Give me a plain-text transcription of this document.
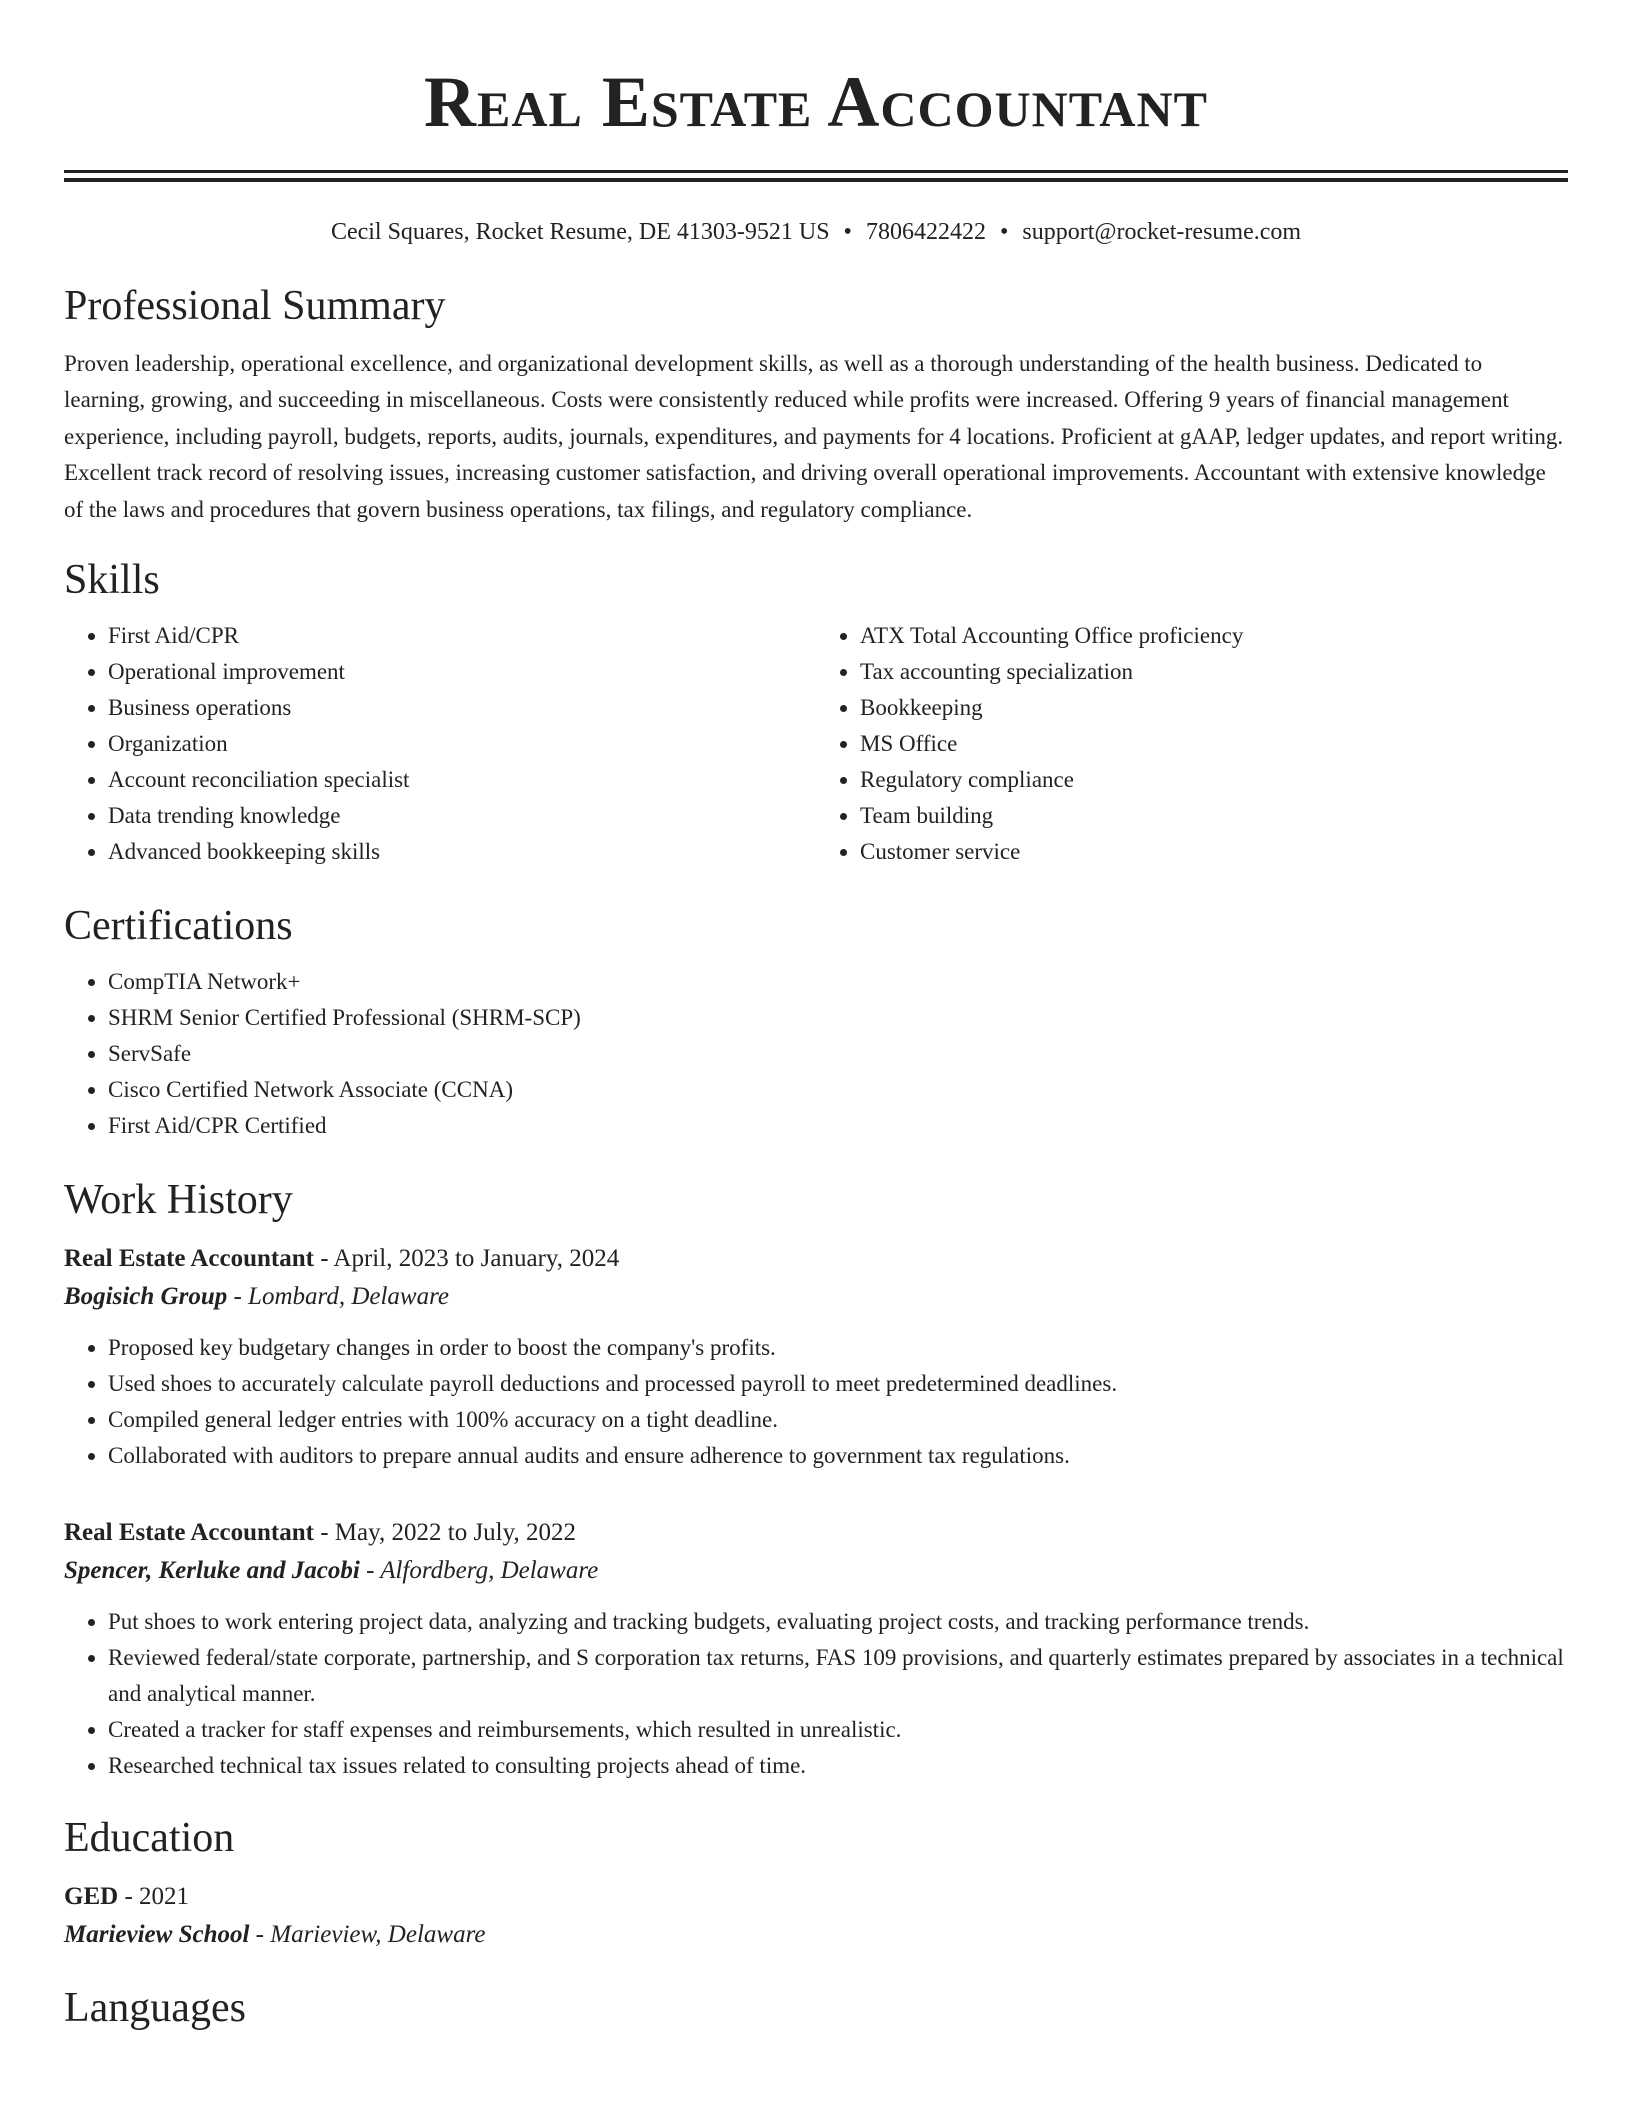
Real Estate Accountant
Cecil Squares, Rocket Resume, DE 41303-9521 US • 7806422422 • support@rocket-resume.com
Professional Summary

Proven leadership, operational excellence, and organizational development skills, as well as a thorough understanding of the health business. Dedicated to learning, growing, and succeeding in miscellaneous. Costs were consistently reduced while profits were increased. Offering 9 years of financial management experience, including payroll, budgets, reports, audits, journals, expenditures, and payments for 4 locations. Proficient at gAAP, ledger updates, and report writing. Excellent track record of resolving issues, increasing customer satisfaction, and driving overall operational improvements. Accountant with extensive knowledge of the laws and procedures that govern business operations, tax filings, and regulatory compliance.

Skills
• First Aid/CPR
• Operational improvement
• Business operations
• Organization
• Account reconciliation specialist
• Data trending knowledge
• Advanced bookkeeping skills
• ATX Total Accounting Office proficiency
• Tax accounting specialization
• Bookkeeping
• MS Office
• Regulatory compliance
• Team building
• Customer service
Certifications
• CompTIA Network+
• SHRM Senior Certified Professional (SHRM-SCP)
• ServSafe
• Cisco Certified Network Associate (CCNA)
• First Aid/CPR Certified
Work History
Real Estate Accountant - April, 2023 to January, 2024
Bogisich Group - Lombard, Delaware
• Proposed key budgetary changes in order to boost the company's profits.
• Used shoes to accurately calculate payroll deductions and processed payroll to meet predetermined deadlines.
• Compiled general ledger entries with 100% accuracy on a tight deadline.
• Collaborated with auditors to prepare annual audits and ensure adherence to government tax regulations.
Real Estate Accountant - May, 2022 to July, 2022
Spencer, Kerluke and Jacobi - Alfordberg, Delaware
• Put shoes to work entering project data, analyzing and tracking budgets, evaluating project costs, and tracking performance trends.
• Reviewed federal/state corporate, partnership, and S corporation tax returns, FAS 109 provisions, and quarterly estimates prepared by associates in a technical and analytical manner.
• Created a tracker for staff expenses and reimbursements, which resulted in unrealistic.
• Researched technical tax issues related to consulting projects ahead of time.
Education
GED - 2021
Marieview School - Marieview, Delaware
Languages
